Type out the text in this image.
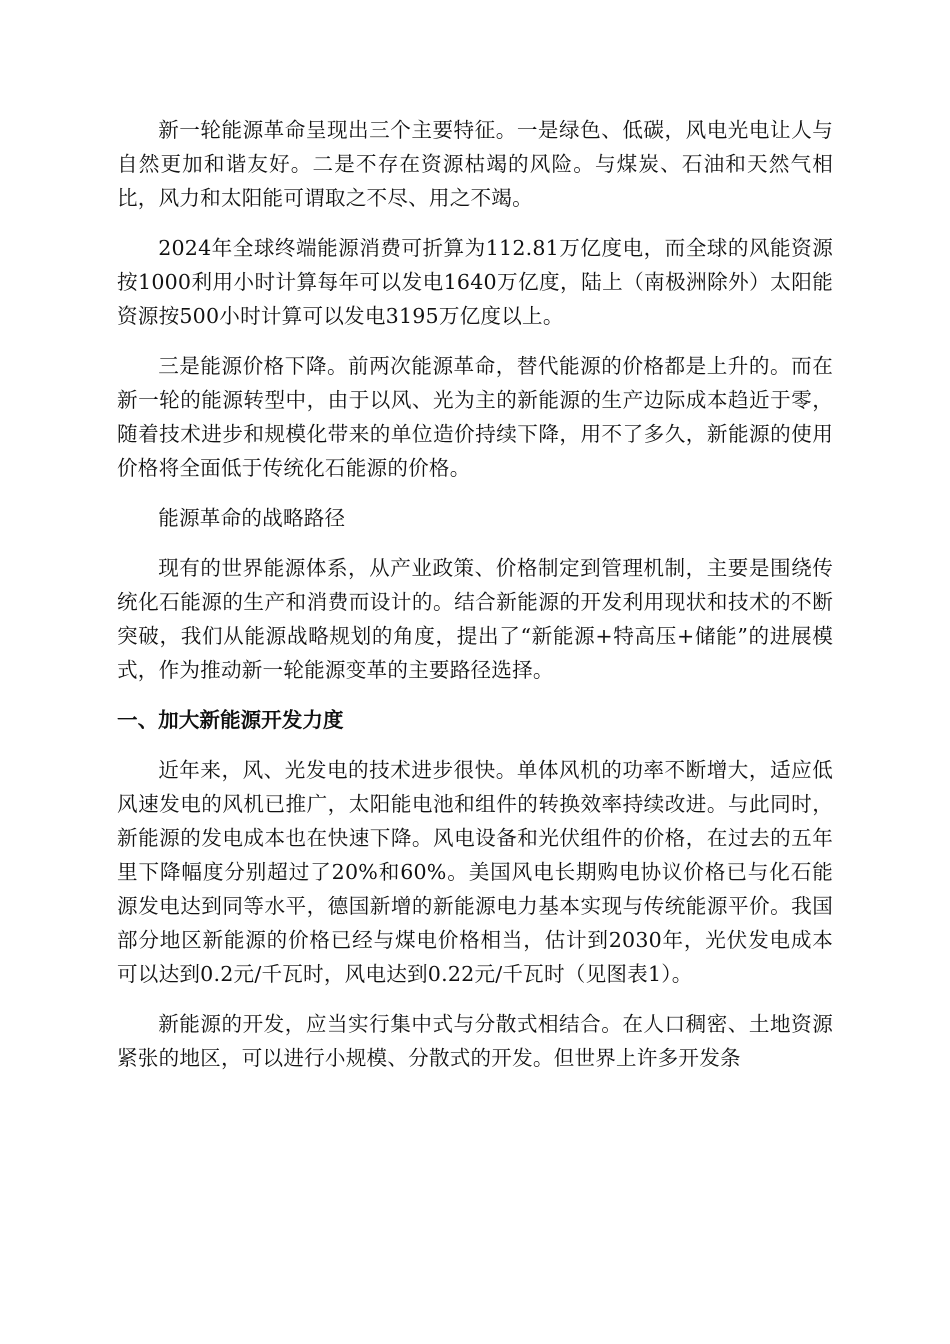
新一轮能源革命呈现出三个主要特征。一是绿色、低碳，风电光电让人与自然更加和谐友好。二是不存在资源枯竭的风险。与煤炭、石油和天然气相比，风力和太阳能可谓取之不尽、用之不竭。

2024年全球终端能源消费可折算为112.81万亿度电，而全球的风能资源按1000利用小时计算每年可以发电1640万亿度，陆上（南极洲除外）太阳能资源按500小时计算可以发电3195万亿度以上。

三是能源价格下降。前两次能源革命，替代能源的价格都是上升的。而在新一轮的能源转型中，由于以风、光为主的新能源的生产边际成本趋近于零，随着技术进步和规模化带来的单位造价持续下降，用不了多久，新能源的使用价格将全面低于传统化石能源的价格。

能源革命的战略路径

现有的世界能源体系，从产业政策、价格制定到管理机制，主要是围绕传统化石能源的生产和消费而设计的。结合新能源的开发利用现状和技术的不断突破，我们从能源战略规划的角度，提出了“新能源+特高压+储能”的进展模式，作为推动新一轮能源变革的主要路径选择。

一、加大新能源开发力度

近年来，风、光发电的技术进步很快。单体风机的功率不断增大，适应低风速发电的风机已推广，太阳能电池和组件的转换效率持续改进。与此同时，新能源的发电成本也在快速下降。风电设备和光伏组件的价格，在过去的五年里下降幅度分别超过了20%和60%。美国风电长期购电协议价格已与化石能源发电达到同等水平，德国新增的新能源电力基本实现与传统能源平价。我国部分地区新能源的价格已经与煤电价格相当，估计到2030年，光伏发电成本可以达到0.2元/千瓦时，风电达到0.22元/千瓦时（见图表1）。

新能源的开发，应当实行集中式与分散式相结合。在人口稠密、土地资源紧张的地区，可以进行小规模、分散式的开发。但世界上许多开发条
